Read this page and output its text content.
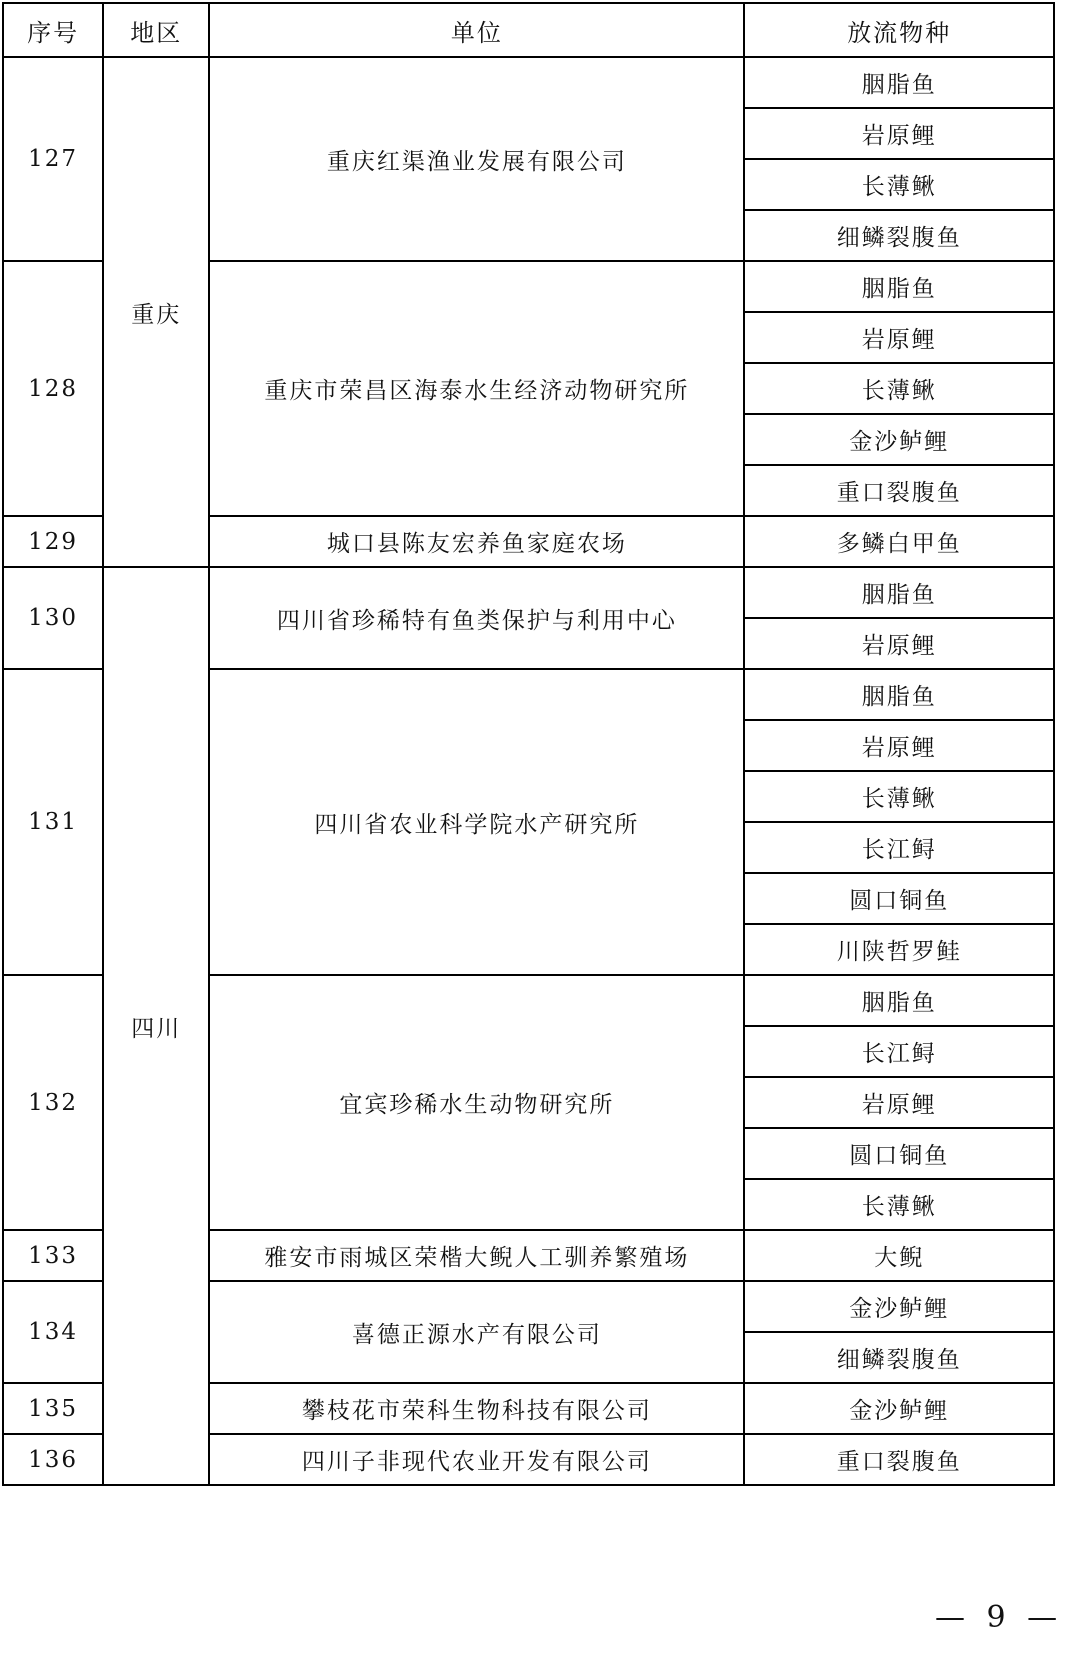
序号	地区	单位	放流物种
127	重庆	重庆红渠渔业发展有限公司	胭脂鱼
			岩原鲤
			长薄鳅
			细鳞裂腹鱼
128		重庆市荣昌区海泰水生经济动物研究所	胭脂鱼
			岩原鲤
			长薄鳅
			金沙鲈鲤
			重口裂腹鱼
129		城口县陈友宏养鱼家庭农场	多鳞白甲鱼
130	四川	四川省珍稀特有鱼类保护与利用中心	胭脂鱼
			岩原鲤
131		四川省农业科学院水产研究所	胭脂鱼
			岩原鲤
			长薄鳅
			长江鲟
			圆口铜鱼
			川陕哲罗鲑
132		宜宾珍稀水生动物研究所	胭脂鱼
			长江鲟
			岩原鲤
			圆口铜鱼
			长薄鳅
133		雅安市雨城区荣楷大鲵人工驯养繁殖场	大鲵
134		喜德正源水产有限公司	金沙鲈鲤
			细鳞裂腹鱼
135		攀枝花市荣科生物科技有限公司	金沙鲈鲤
136		四川子非现代农业开发有限公司	重口裂腹鱼
— 9 —
